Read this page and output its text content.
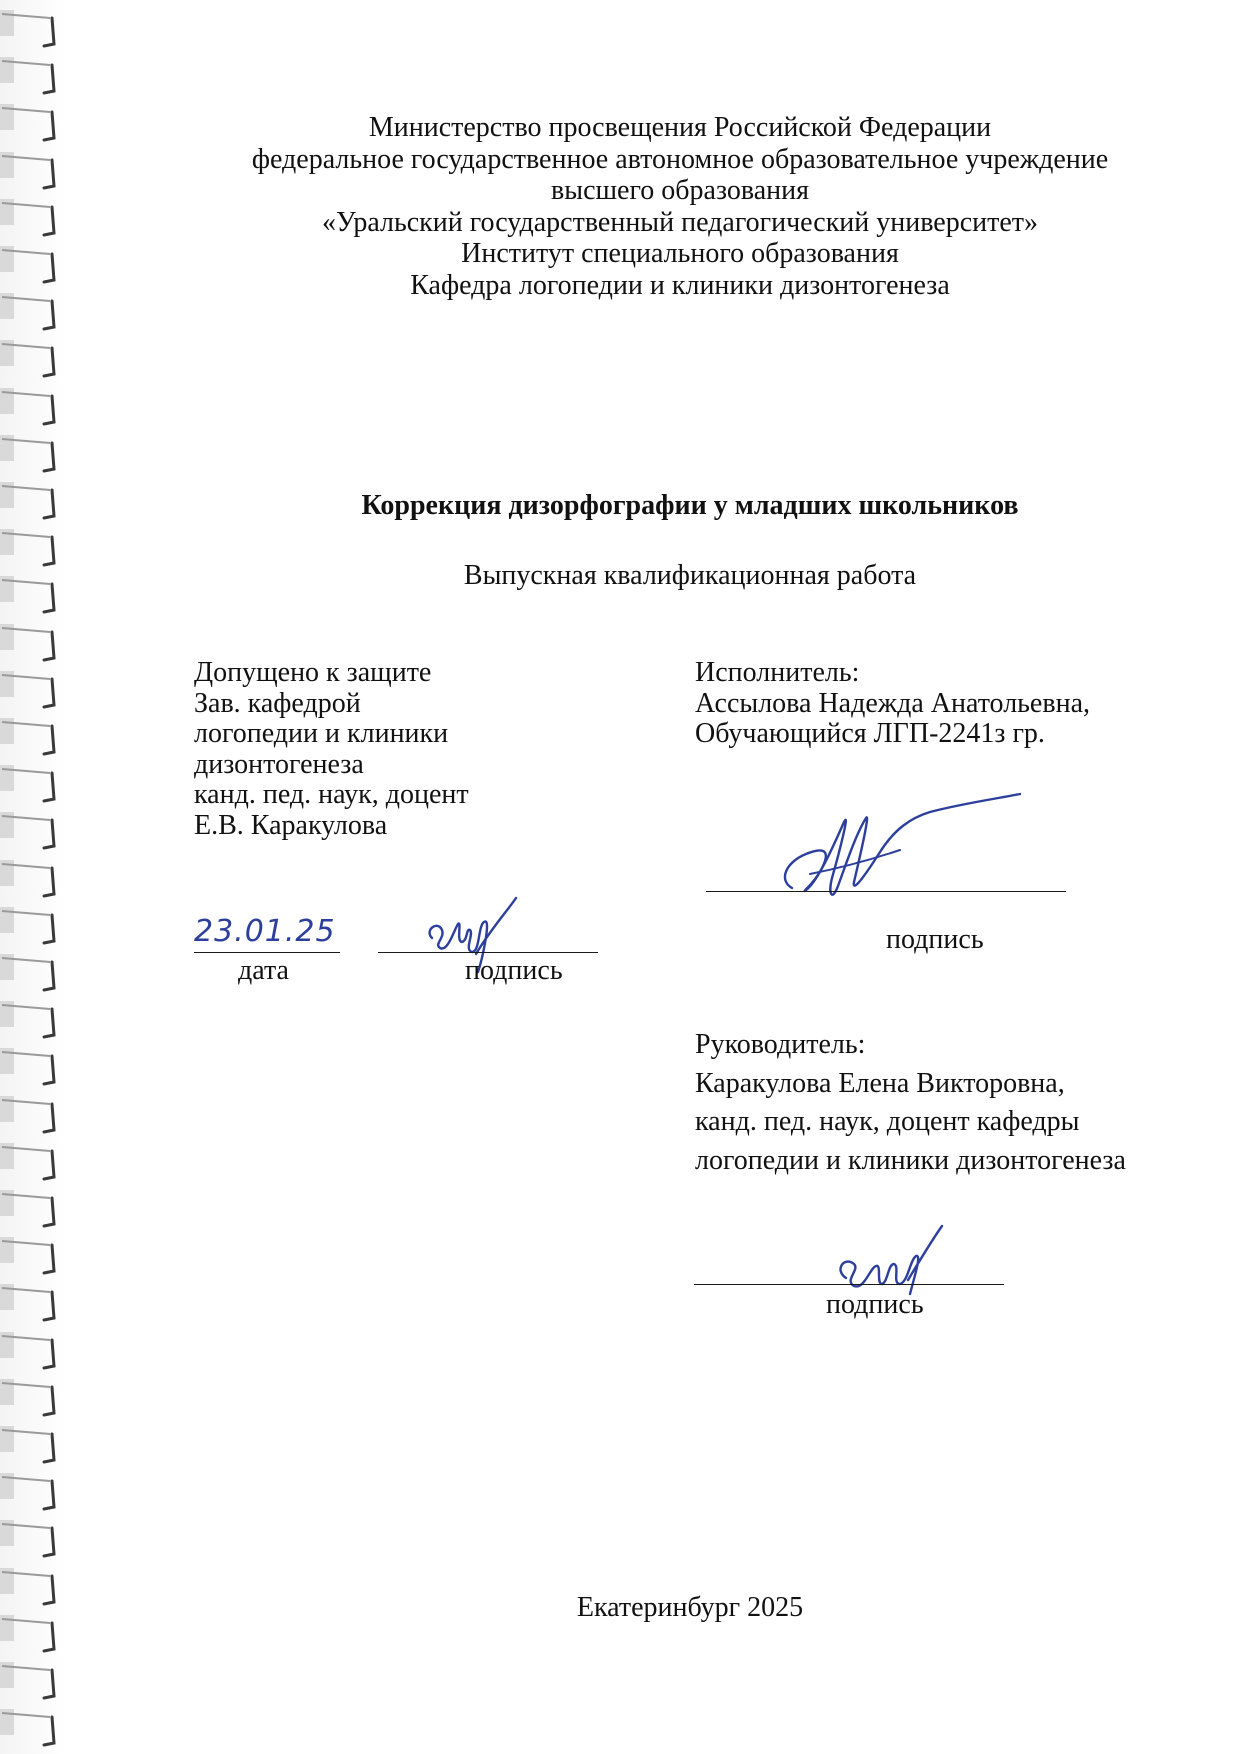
Министерство просвещения Российской Федерации
федеральное государственное автономное образовательное учреждение
высшего образования
«Уральский государственный педагогический университет»
Институт специального образования
Кафедра логопедии и клиники дизонтогенеза
Коррекция дизорфографии у младших школьников
Выпускная квалификационная работа
Допущено к защите
Зав. кафедрой
логопедии и клиники
дизонтогенеза
канд. пед. наук, доцент
Е.В. Каракулова
23.01.25
дата	подпись
Исполнитель:
Ассылова Надежда Анатольевна,
Обучающийся ЛГП-2241з гр.
подпись
Руководитель:
Каракулова Елена Викторовна,
канд. пед. наук, доцент кафедры
логопедии и клиники дизонтогенеза
подпись
Екатеринбург 2025
